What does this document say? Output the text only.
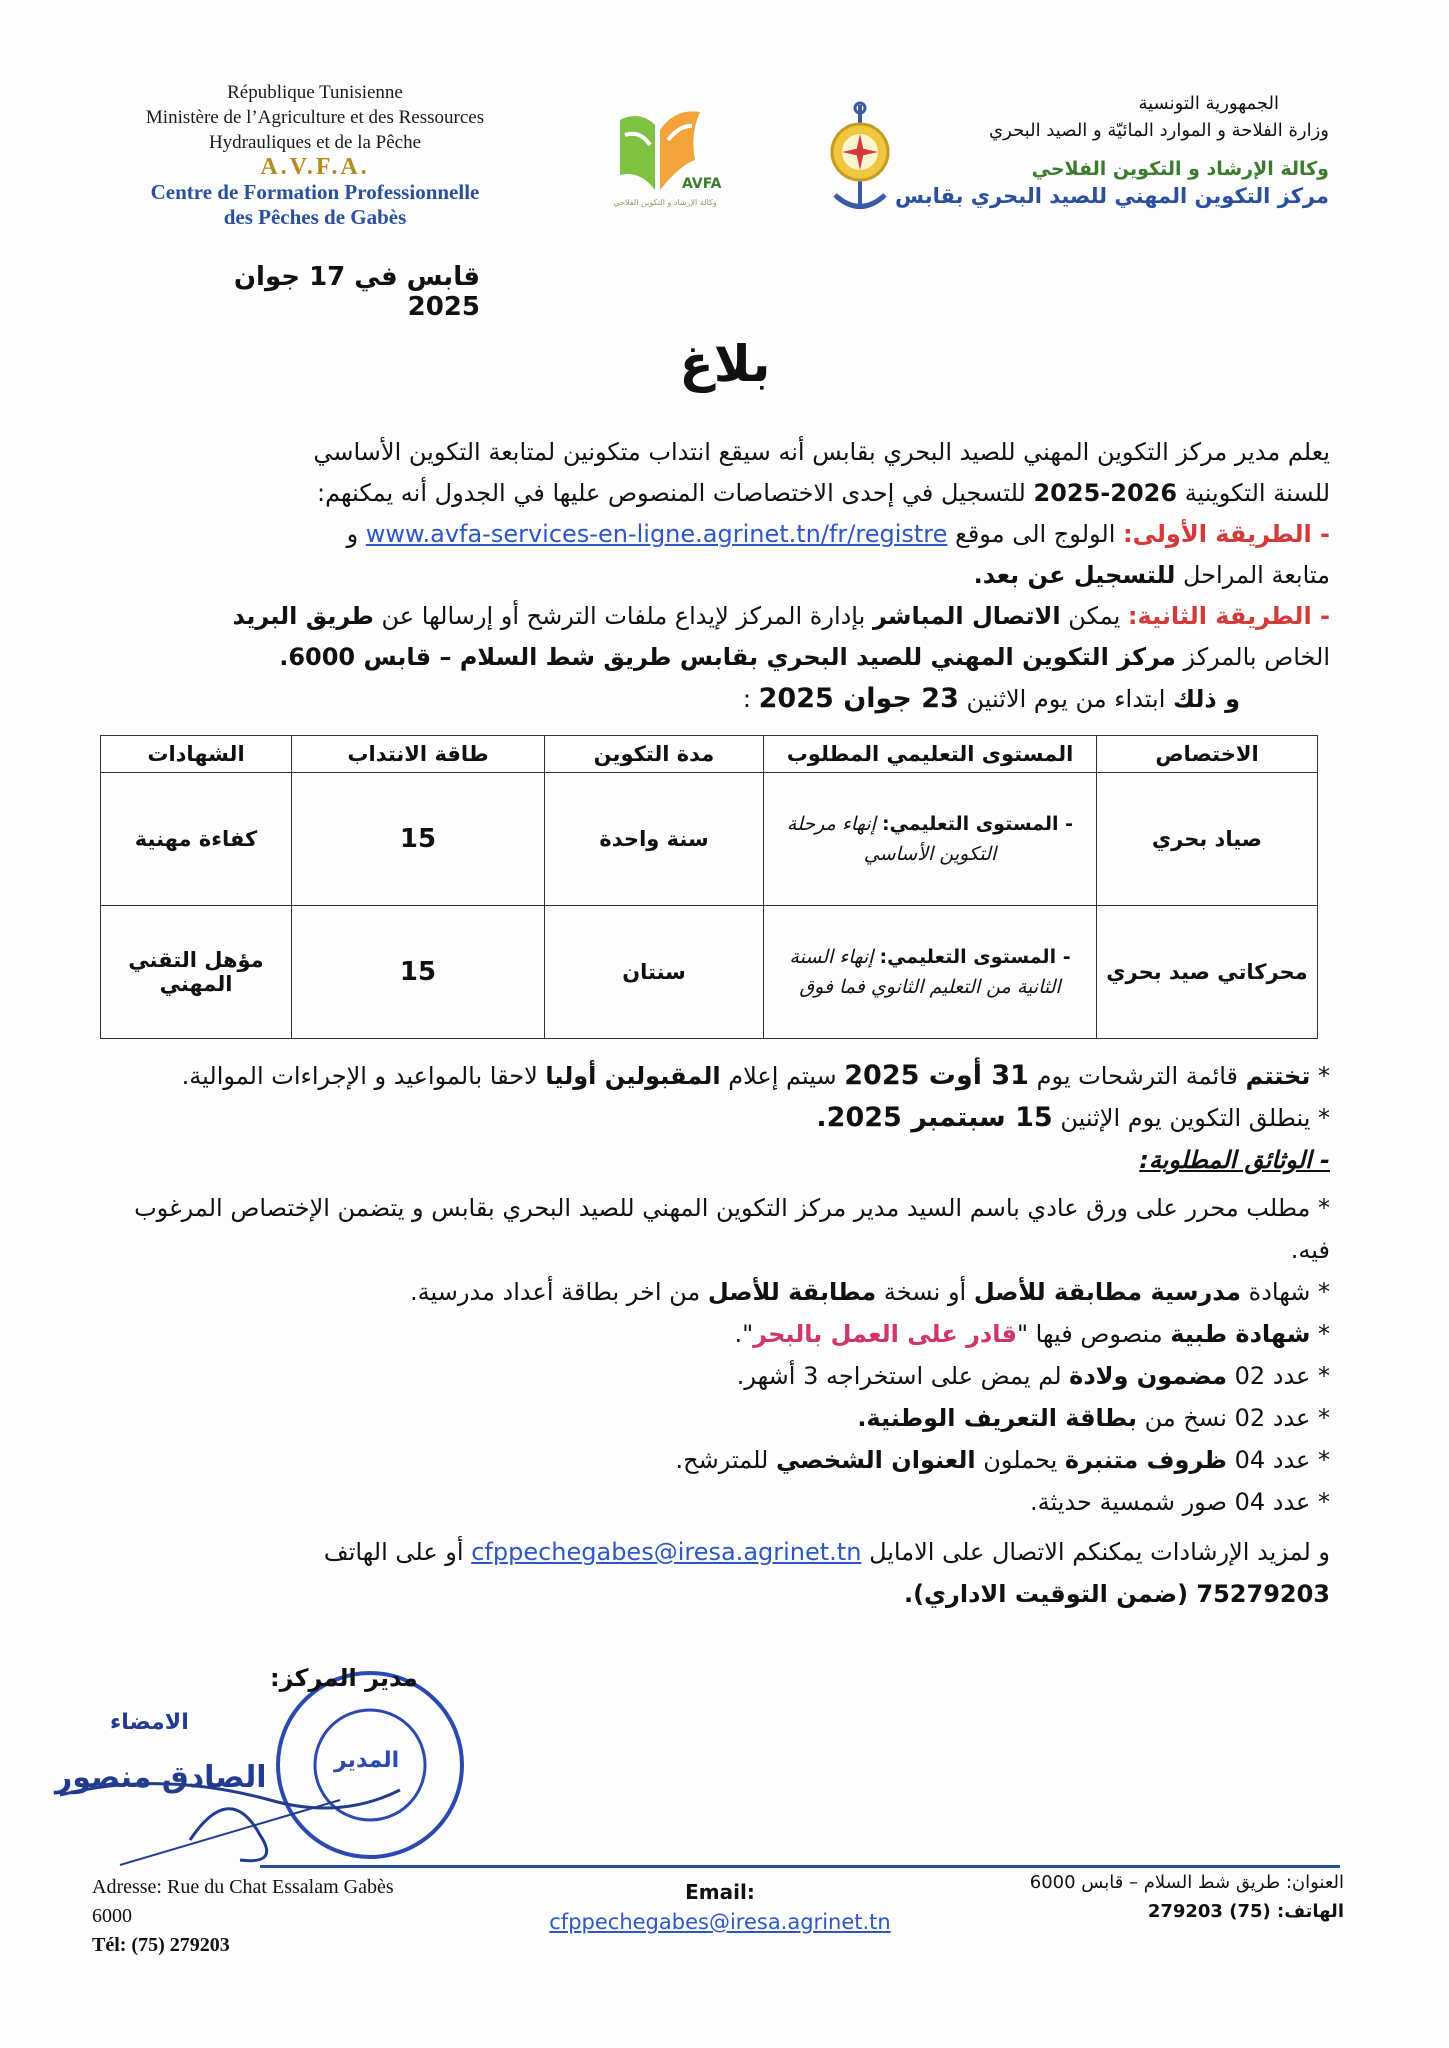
République Tunisienne
Ministère de l’Agriculture et des Ressources
Hydrauliques et de la Pêche
A.V.F.A.
Centre de Formation Professionnelle
des Pêches de Gabès
AVFA
وكالة الإرشاد و التكوين الفلاحي
الجمهورية التونسية
وزارة الفلاحة و الموارد المائيّة و الصيد البحري
وكالة الإرشاد و التكوين الفلاحي
مركز التكوين المهني للصيد البحري بقابس
قابس في 17 جوان 2025
بلاغ
يعلم مدير مركز التكوين المهني للصيد البحري بقابس أنه سيقع انتداب متكونين لمتابعة التكوين الأساسي
للسنة التكوينية 2026-2025 للتسجيل في إحدى الاختصاصات المنصوص عليها في الجدول أنه يمكنهم:
- الطريقة الأولى: الولوج الى موقع www.avfa-services-en-ligne.agrinet.tn/fr/registre و
متابعة المراحل للتسجيل عن بعد.
- الطريقة الثانية: يمكن الاتصال المباشر بإدارة المركز لإيداع ملفات الترشح أو إرسالها عن طريق البريد
الخاص بالمركز مركز التكوين المهني للصيد البحري بقابس طريق شط السلام – قابس 6000.
و ذلك ابتداء من يوم الاثنين 23 جوان 2025 :
الاختصاص	المستوى التعليمي المطلوب	مدة التكوين	طاقة الانتداب	الشهادات
صياد بحري	- المستوى التعليمي: إنهاء مرحلة التكوين الأساسي	سنة واحدة	15	كفاءة مهنية
محركاتي صيد بحري	- المستوى التعليمي: إنهاء السنة الثانية من التعليم الثانوي فما فوق	سنتان	15	مؤهل التقني المهني

* تختتم قائمة الترشحات يوم 31 أوت 2025 سيتم إعلام المقبولين أوليا لاحقا بالمواعيد و الإجراءات الموالية.

* ينطلق التكوين يوم الإثنين 15 سبتمبر 2025.

- الوثائق المطلوبة:

* مطلب محرر على ورق عادي باسم السيد مدير مركز التكوين المهني للصيد البحري بقابس و يتضمن الإختصاص المرغوب فيه.

* شهادة مدرسية مطابقة للأصل أو نسخة مطابقة للأصل من اخر بطاقة أعداد مدرسية.

* شهادة طبية منصوص فيها "قادر على العمل بالبحر".

* عدد 02 مضمون ولادة لم يمض على استخراجه 3 أشهر.

* عدد 02 نسخ من بطاقة التعريف الوطنية.

* عدد 04 ظروف متنبرة يحملون العنوان الشخصي للمترشح.

* عدد 04 صور شمسية حديثة.

و لمزيد الإرشادات يمكنكم الاتصال على الامايل cfppechegabes@iresa.agrinet.tn أو على الهاتف

75279203 (ضمن التوقيت الاداري).

المدير
مدير المركز:
الامضاء
الصادق منصور
Adresse: Rue du Chat Essalam Gabès
6000
Tél: (75) 279203
Email:
cfppechegabes@iresa.agrinet.tn
العنوان: طريق شط السلام – قابس 6000
الهاتف: (75) 279203
